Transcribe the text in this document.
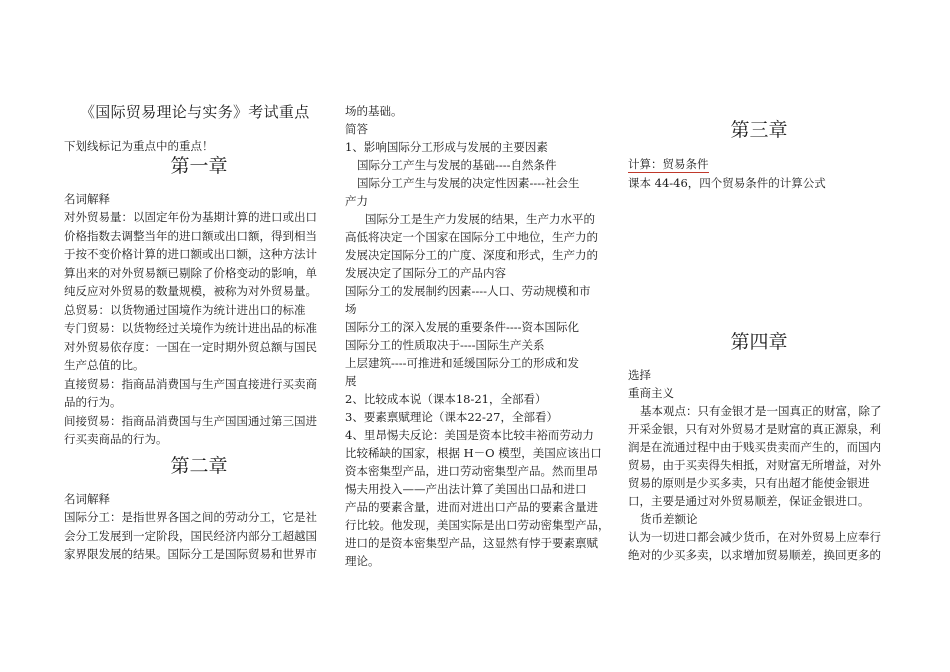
《国际贸易理论与实务》考试重点
下划线标记为重点中的重点！
第一章
名词解释
对外贸易量：以固定年份为基期计算的进口或出口
价格指数去调整当年的进口额或出口额，得到相当
于按不变价格计算的进口额或出口额，这种方法计
算出来的对外贸易额已剔除了价格变动的影响，单
纯反应对外贸易的数量规模，被称为对外贸易量。
总贸易：以货物通过国境作为统计进出口的标准
专门贸易：以货物经过关境作为统计进出品的标准
对外贸易依存度：一国在一定时期外贸总额与国民
生产总值的比。
直接贸易：指商品消费国与生产国直接进行买卖商
品的行为。
间接贸易：指商品消费国与生产国国通过第三国进
行买卖商品的行为。
第二章
名词解释
国际分工：是指世界各国之间的劳动分工，它是社
会分工发展到一定阶段，国民经济内部分工超越国
家界限发展的结果。国际分工是国际贸易和世界市
场的基础。
简答
1、影响国际分工形成与发展的主要因素
国际分工产生与发展的基础----自然条件
国际分工产生与发展的决定性因素----社会生
产力
国际分工是生产力发展的结果，生产力水平的
高低将决定一个国家在国际分工中地位，生产力的
发展决定国际分工的广度、深度和形式，生产力的
发展决定了国际分工的产品内容
国际分工的发展制约因素----人口、劳动规模和市
场
国际分工的深入发展的重要条件----资本国际化
国际分工的性质取决于----国际生产关系
上层建筑----可推进和延缓国际分工的形成和发
展
2、比较成本说（课本18-21，全部看）
3、要素禀赋理论（课本22-27，全部看）
4、里昂惕夫反论：美国是资本比较丰裕而劳动力
比较稀缺的国家，根据 H－O 模型，美国应该出口
资本密集型产品，进口劳动密集型产品。然而里昂
惕夫用投入——产出法计算了美国出口品和进口
产品的要素含量，进而对进出口产品的要素含量进
行比较。他发现，美国实际是出口劳动密集型产品，
进口的是资本密集型产品，这显然有悖于要素禀赋
理论。
第三章
计算：贸易条件
课本 44-46，四个贸易条件的计算公式
第四章
选择
重商主义
基本观点：只有金银才是一国真正的财富，除了
开采金银，只有对外贸易才是财富的真正源泉，利
润是在流通过程中由于贱买贵卖而产生的，而国内
贸易，由于买卖得失相抵，对财富无所增益，对外
贸易的原则是少买多卖，只有出超才能使金银进
口，主要是通过对外贸易顺差，保证金银进口。
货币差额论
认为一切进口都会减少货币，在对外贸易上应奉行
绝对的少买多卖，以求增加贸易顺差，换回更多的
